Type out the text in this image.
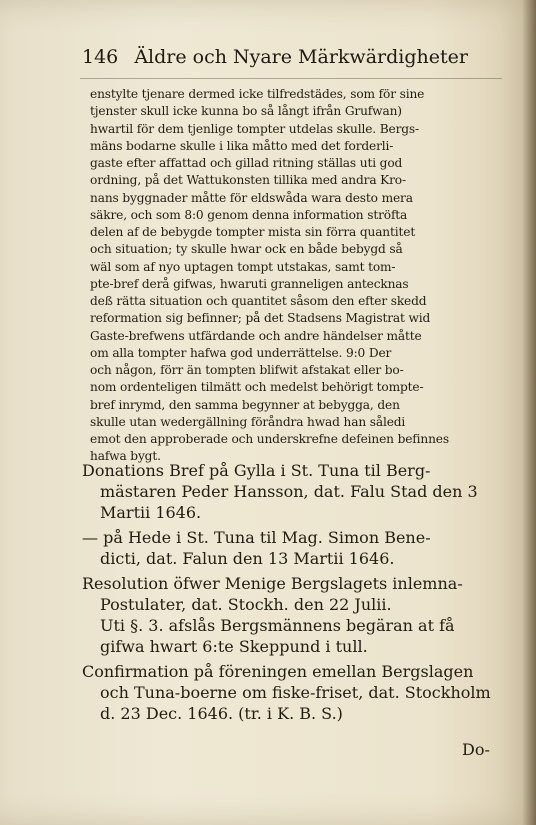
146 Äldre och Nyare Märkwärdigheter
enstylte tjenare dermed icke tilfredstädes, som för sine
tjenster skull icke kunna bo så långt ifrån Grufwan)
hwartil för dem tjenlige tompter utdelas skulle. Bergs-
mäns bodarne skulle i lika måtto med det forderli-
gaste efter affattad och gillad ritning ställas uti god
ordning, på det Wattukonsten tillika med andra Kro-
nans byggnader måtte för eldswåda wara desto mera
säkre, och som 8:0 genom denna information ströfta
delen af de bebygde tompter mista sin förra quantitet
och situation; ty skulle hwar ock en både bebygd så
wäl som af nyo uptagen tompt utstakas, samt tom-
pte-bref derå gifwas, hwaruti granneligen antecknas
deß rätta situation och quantitet såsom den efter skedd
reformation sig befinner; på det Stadsens Magistrat wid
Gaste-brefwens utfärdande och andre händelser måtte
om alla tompter hafwa god underrättelse. 9:0 Der
och någon, förr än tompten blifwit afstakat eller bo-
nom ordenteligen tilmätt och medelst behörigt tompte-
bref inrymd, den samma begynner at bebygga, den
skulle utan wedergällning föråndra hwad han såledi
emot den approberade och underskrefne defeinen befinnes
hafwa bygt.
Donations Bref på Gylla i St. Tuna til Berg-
mästaren Peder Hansson, dat. Falu Stad den 3
Martii 1646.
— på Hede i St. Tuna til Mag. Simon Bene-
dicti, dat. Falun den 13 Martii 1646.
Resolution öfwer Menige Bergslagets inlemna-
Postulater, dat. Stockh. den 22 Julii.
Uti §. 3. afslås Bergsmännens begäran at få
gifwa hwart 6:te Skeppund i tull.
Confirmation på föreningen emellan Bergslagen
och Tuna-boerne om fiske-friset, dat. Stockholm
d. 23 Dec. 1646. (tr. i K. B. S.)
Do-
